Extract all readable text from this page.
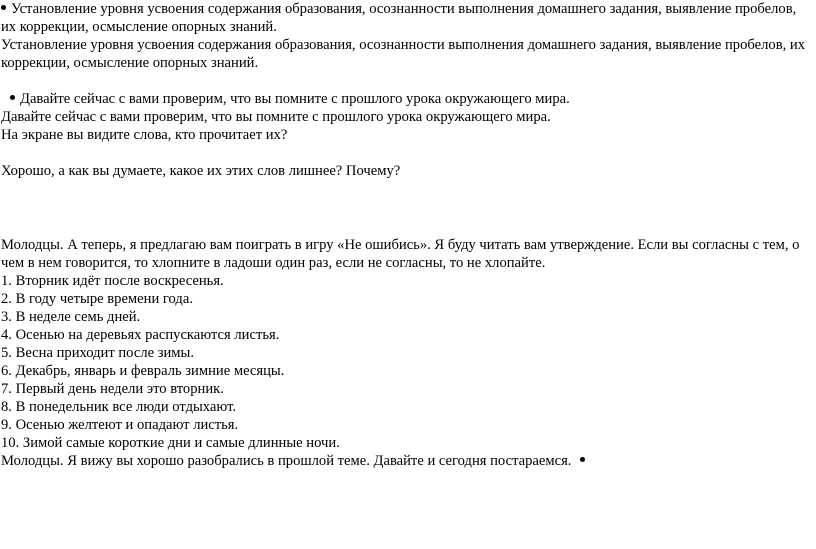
Установление уровня усвоения содержания образования, осознанности выполнения домашнего задания, выявление пробелов,
их коррекции, осмысление опорных знаний.
Установление уровня усвоения содержания образования, осознанности выполнения домашнего задания, выявление пробелов, их
коррекции, осмысление опорных знаний.
Давайте сейчас с вами проверим, что вы помните с прошлого урока окружающего мира.
Давайте сейчас с вами проверим, что вы помните с прошлого урока окружающего мира.
На экране вы видите слова, кто прочитает их?
Хорошо, а как вы думаете, какое их этих слов лишнее? Почему?
Молодцы. А теперь, я предлагаю вам поиграть в игру «Не ошибись». Я буду читать вам утверждение. Если вы согласны с тем, о
чем в нем говорится, то хлопните в ладоши один раз, если не согласны, то не хлопайте.
1. Вторник идёт после воскресенья.
2. В году четыре времени года.
3. В неделе семь дней.
4. Осенью на деревьях распускаются листья.
5. Весна приходит после зимы.
6. Декабрь, январь и февраль зимние месяцы.
7. Первый день недели это вторник.
8. В понедельник все люди отдыхают.
9. Осенью желтеют и опадают листья.
10. Зимой самые короткие дни и самые длинные ночи.
Молодцы. Я вижу вы хорошо разобрались в прошлой теме. Давайте и сегодня постараемся.
